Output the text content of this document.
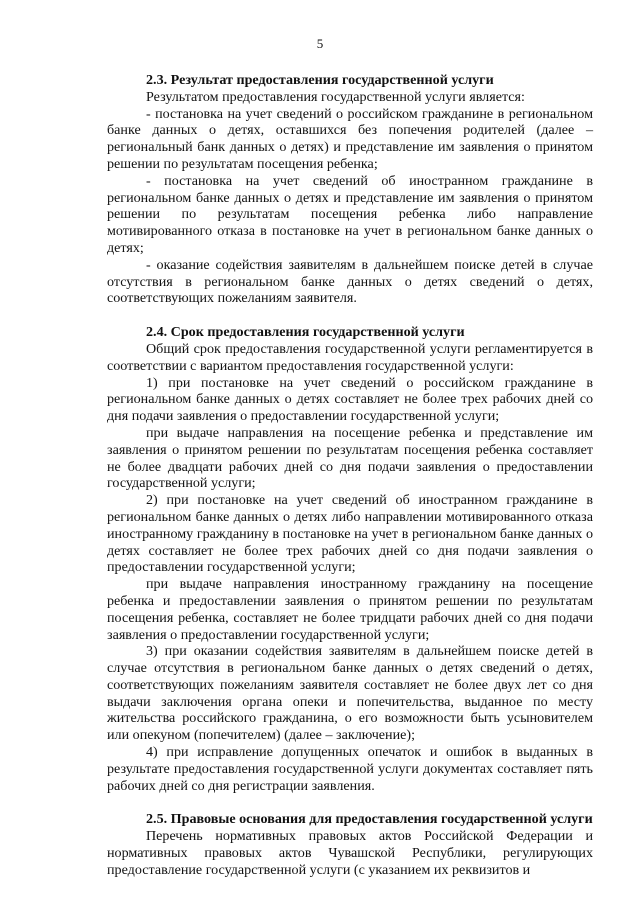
5
2.3. Результат предоставления государственной услуги

Результатом предоставления государственной услуги является:

- постановка на учет сведений о российском гражданине в региональном банке данных о детях, оставшихся без попечения родителей (далее – региональный банк данных о детях) и представление им заявления о принятом решении по результатам посещения ребенка;

- постановка на учет сведений об иностранном гражданине в региональном банке данных о детях и представление им заявления о принятом решении по результатам посещения ребенка либо направление мотивированного отказа в постановке на учет в региональном банке данных о детях;

- оказание содействия заявителям в дальнейшем поиске детей в случае отсутствия в региональном банке данных о детях сведений о детях, соответствующих пожеланиям заявителя.

2.4. Срок предоставления государственной услуги

Общий срок предоставления государственной услуги регламентируется в соответствии с вариантом предоставления государственной услуги:

1) при постановке на учет сведений о российском гражданине в региональном банке данных о детях составляет не более трех рабочих дней со дня подачи заявления о предоставлении государственной услуги;

при выдаче направления на посещение ребенка и представление им заявления о принятом решении по результатам посещения ребенка составляет не более двадцати рабочих дней со дня подачи заявления о предоставлении государственной услуги;

2) при постановке на учет сведений об иностранном гражданине в региональном банке данных о детях либо направлении мотивированного отказа иностранному гражданину в постановке на учет в региональном банке данных о детях составляет не более трех рабочих дней со дня подачи заявления о предоставлении государственной услуги;

при выдаче направления иностранному гражданину на посещение ребенка и предоставлении заявления о принятом решении по результатам посещения ребенка, составляет не более тридцати рабочих дней со дня подачи заявления о предоставлении государственной услуги;

3) при оказании содействия заявителям в дальнейшем поиске детей в случае отсутствия в региональном банке данных о детях сведений о детях, соответствующих пожеланиям заявителя составляет не более двух лет со дня выдачи заключения органа опеки и попечительства, выданное по месту жительства российского гражданина, о его возможности быть усыновителем или опекуном (попечителем) (далее – заключение);

4) при исправление допущенных опечаток и ошибок в выданных в результате предоставления государственной услуги документах составляет пять рабочих дней со дня регистрации заявления.

2.5. Правовые основания для предоставления государственной услуги

Перечень нормативных правовых актов Российской Федерации и нормативных правовых актов Чувашской Республики, регулирующих предоставление государственной услуги (с указанием их реквизитов и
